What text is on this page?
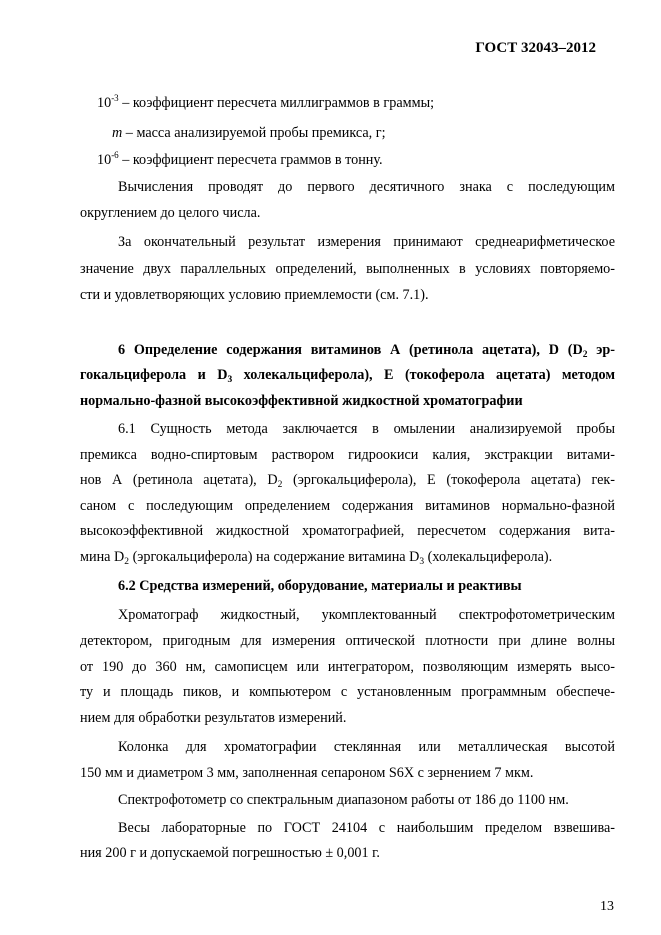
ГОСТ 32043–2012
$10^{-3}$ – коэффициент пересчета миллиграммов в граммы;
m – масса анализируемой пробы премикса, г;
$10^{-6}$ – коэффициент пересчета граммов в тонну.
Вычисления проводят до первого десятичного знака с последующим
округлением до целого числа.
За окончательный результат измерения принимают среднеарифметическое
значение двух параллельных определений, выполненных в условиях повторяемо-
сти и удовлетворяющих условию приемлемости (см. 7.1).
6 Определение содержания витаминов А (ретинола ацетата), D ($D_2$ эр-
гокальциферола и $D_3$ холекальциферола), Е (токоферола ацетата) методом
нормально-фазной высокоэффективной жидкостной хроматографии
6.1 Сущность метода заключается в омылении анализируемой пробы
премикса водно-спиртовым раствором гидроокиси калия, экстракции витами-
нов А (ретинола ацетата), $D_2$ (эргокальциферола), Е (токоферола ацетата) гек-
саном с последующим определением содержания витаминов нормально-фазной
высокоэффективной жидкостной хроматографией, пересчетом содержания вита-
мина $D_2$ (эргокальциферола) на содержание витамина $D_3$ (холекальциферола).
6.2 Средства измерений, оборудование, материалы и реактивы
Хроматограф жидкостный, укомплектованный спектрофотометрическим
детектором, пригодным для измерения оптической плотности при длине волны
от 190 до 360 нм, самописцем или интегратором, позволяющим измерять высо-
ту и площадь пиков, и компьютером с установленным программным обеспече-
нием для обработки результатов измерений.
Колонка для хроматографии стеклянная или металлическая высотой
150 мм и диаметром 3 мм, заполненная сепароном S6X с зернением 7 мкм.
Спектрофотометр со спектральным диапазоном работы от 186 до 1100 нм.
Весы лабораторные по ГОСТ 24104 с наибольшим пределом взвешива-
ния 200 г и допускаемой погрешностью ± 0,001 г.
13
